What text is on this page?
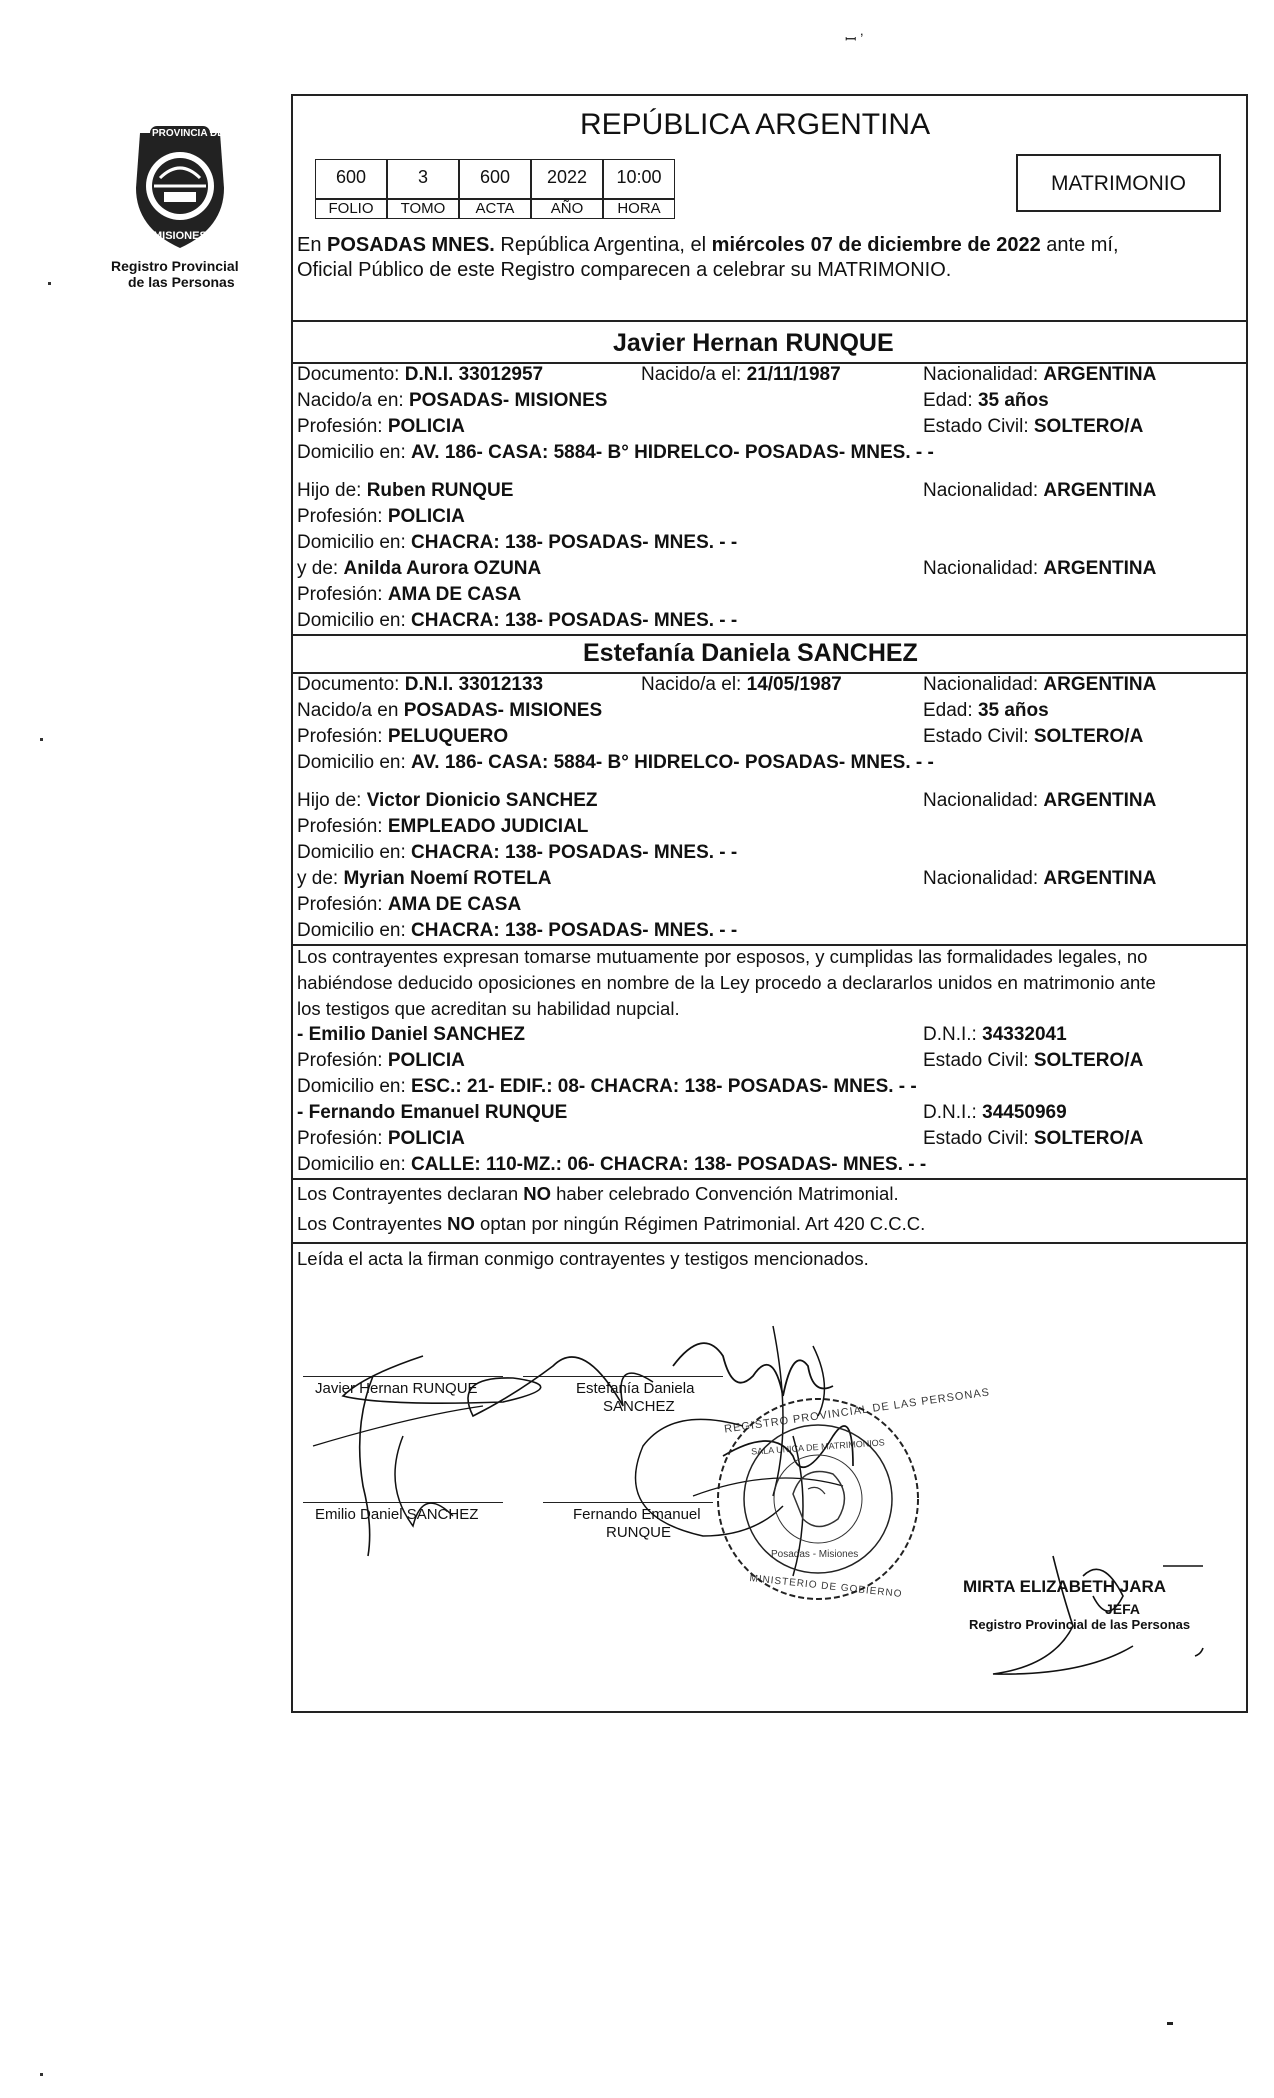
ꟷ ʼ
PROVINCIA DE
MISIONES
Registro Provincial
de las Personas
REPÚBLICA ARGENTINA
600	3	600	2022	10:00
FOLIO	TOMO	ACTA	AÑO	HORA
MATRIMONIO
En POSADAS MNES. República Argentina, el miércoles 07 de diciembre de 2022 ante mí,
Oficial Público de este Registro comparecen a celebrar su MATRIMONIO.
Javier Hernan RUNQUE
Documento: D.N.I. 33012957	Nacido/a el: 21/11/1987	Nacionalidad: ARGENTINA
Nacido/a en: POSADAS- MISIONES	Edad: 35 años
Profesión: POLICIA	Estado Civil: SOLTERO/A
Domicilio en: AV. 186- CASA: 5884- B° HIDRELCO- POSADAS- MNES. - -
Hijo de: Ruben RUNQUE	Nacionalidad: ARGENTINA
Profesión: POLICIA
Domicilio en: CHACRA: 138- POSADAS- MNES. - -
y de: Anilda Aurora OZUNA	Nacionalidad: ARGENTINA
Profesión: AMA DE CASA
Domicilio en: CHACRA: 138- POSADAS- MNES. - -
Estefanía Daniela SANCHEZ
Documento: D.N.I. 33012133	Nacido/a el: 14/05/1987	Nacionalidad: ARGENTINA
Nacido/a en POSADAS- MISIONES	Edad: 35 años
Profesión: PELUQUERO	Estado Civil: SOLTERO/A
Domicilio en: AV. 186- CASA: 5884- B° HIDRELCO- POSADAS- MNES. - -
Hijo de: Victor Dionicio SANCHEZ	Nacionalidad: ARGENTINA
Profesión: EMPLEADO JUDICIAL
Domicilio en: CHACRA: 138- POSADAS- MNES. - -
y de: Myrian Noemí ROTELA	Nacionalidad: ARGENTINA
Profesión: AMA DE CASA
Domicilio en: CHACRA: 138- POSADAS- MNES. - -
Los contrayentes expresan tomarse mutuamente por esposos, y cumplidas las formalidades legales, no
habiéndose deducido oposiciones en nombre de la Ley procedo a declararlos unidos en matrimonio ante
los testigos que acreditan su habilidad nupcial.
- Emilio Daniel SANCHEZ	D.N.I.: 34332041
Profesión: POLICIA	Estado Civil: SOLTERO/A
Domicilio en: ESC.: 21- EDIF.: 08- CHACRA: 138- POSADAS- MNES. - -
- Fernando Emanuel RUNQUE	D.N.I.: 34450969
Profesión: POLICIA	Estado Civil: SOLTERO/A
Domicilio en: CALLE: 110-MZ.: 06- CHACRA: 138- POSADAS- MNES. - -
Los Contrayentes declaran NO haber celebrado Convención Matrimonial.
Los Contrayentes NO optan por ningún Régimen Patrimonial. Art 420 C.C.C.
Leída el acta la firman conmigo contrayentes y testigos mencionados.
Javier Hernan RUNQUE	Estefanía Daniela
SANCHEZ
Emilio Daniel SANCHEZ	Fernando Emanuel
RUNQUE
REGISTRO PROVINCIAL DE LAS PERSONAS
SALA UNICA DE MATRIMONIOS
Posadas - Misiones
MINISTERIO DE GOBIERNO	MIRTA ELIZABETH JARA
JEFA
Registro Provincial de las Personas
